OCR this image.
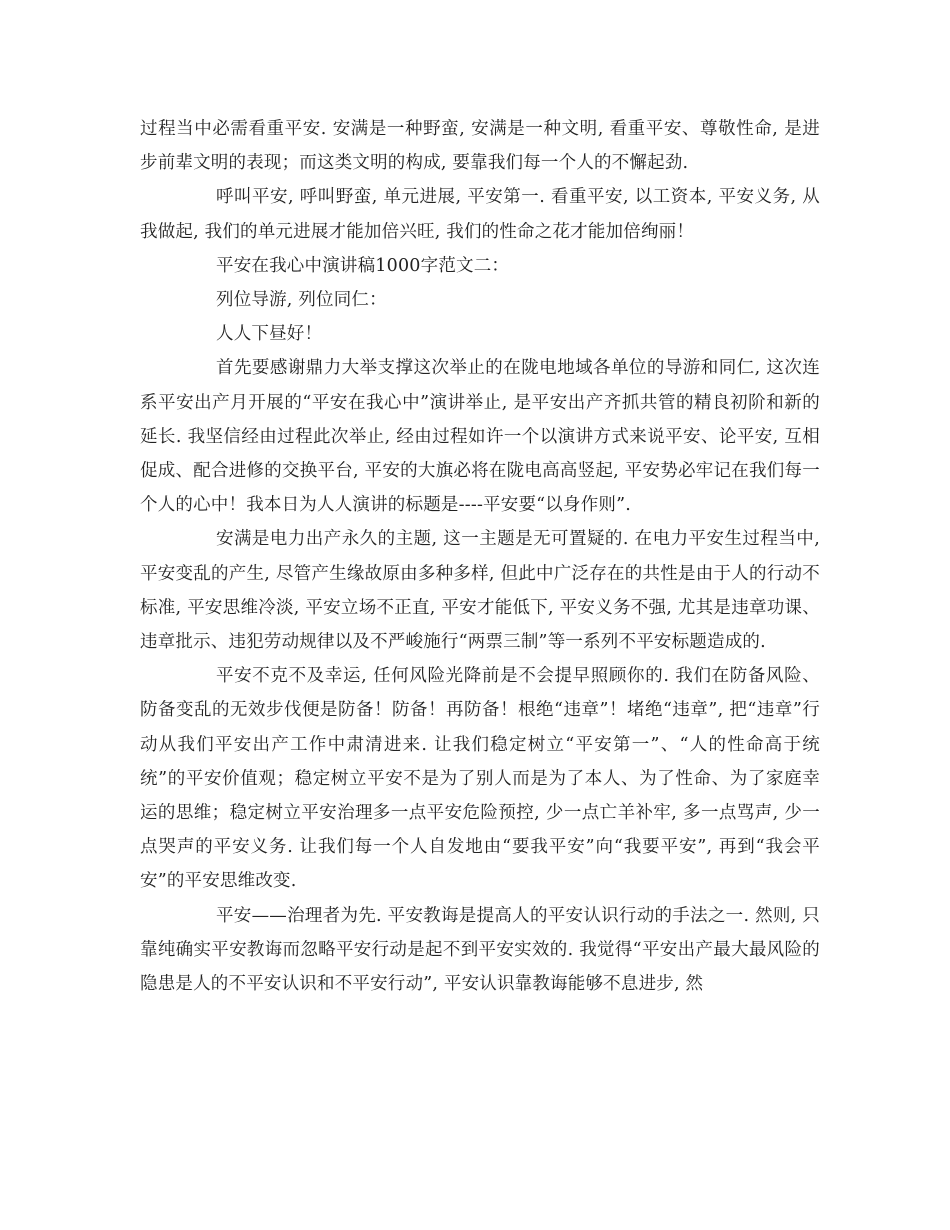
过程当中必需看重平安. 安满是一种野蛮, 安满是一种文明, 看重平安、尊敬性命, 是进步前辈文明的表现；而这类文明的构成, 要靠我们每一个人的不懈起劲.

呼叫平安, 呼叫野蛮, 单元进展, 平安第一. 看重平安, 以工资本, 平安义务, 从我做起, 我们的单元进展才能加倍兴旺, 我们的性命之花才能加倍绚丽！

平安在我心中演讲稿1000字范文二：

列位导游, 列位同仁：

人人下昼好！

首先要感谢鼎力大举支撑这次举止的在陇电地域各单位的导游和同仁, 这次连系平安出产月开展的“平安在我心中”演讲举止, 是平安出产齐抓共管的精良初阶和新的延长. 我坚信经由过程此次举止, 经由过程如许一个以演讲方式来说平安、论平安, 互相促成、配合进修的交换平台, 平安的大旗必将在陇电高高竖起, 平安势必牢记在我们每一个人的心中！我本日为人人演讲的标题是----平安要“以身作则”.

安满是电力出产永久的主题, 这一主题是无可置疑的. 在电力平安生过程当中, 平安变乱的产生, 尽管产生缘故原由多种多样, 但此中广泛存在的共性是由于人的行动不标准, 平安思维冷淡, 平安立场不正直, 平安才能低下, 平安义务不强, 尤其是违章功课、违章批示、违犯劳动规律以及不严峻施行“两票三制”等一系列不平安标题造成的.

平安不克不及幸运, 任何风险光降前是不会提早照顾你的. 我们在防备风险、防备变乱的无效步伐便是防备！防备！再防备！根绝“违章”！堵绝“违章”, 把“违章”行动从我们平安出产工作中肃清进来. 让我们稳定树立“平安第一”、“人的性命高于统统”的平安价值观；稳定树立平安不是为了别人而是为了本人、为了性命、为了家庭幸运的思维；稳定树立平安治理多一点平安危险预控, 少一点亡羊补牢, 多一点骂声, 少一点哭声的平安义务. 让我们每一个人自发地由“要我平安”向“我要平安”, 再到“我会平安”的平安思维改变.

平安——治理者为先. 平安教诲是提高人的平安认识行动的手法之一. 然则, 只靠纯确实平安教诲而忽略平安行动是起不到平安实效的. 我觉得“平安出产最大最风险的隐患是人的不平安认识和不平安行动”, 平安认识靠教诲能够不息进步, 然
